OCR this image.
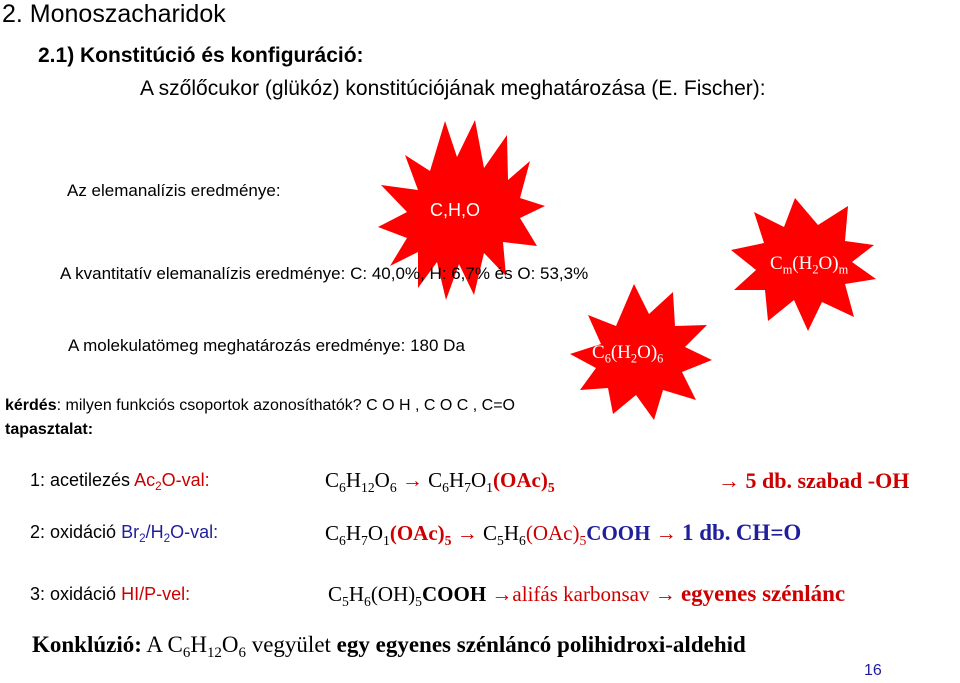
C,H,O
$C_m(H_2O)_m$
$C_6(H_2O)_6$
2. Monoszacharidok
2.1) Konstitúció és konfiguráció:
A szőlőcukor (glükóz) konstitúciójának meghatározása (E. Fischer):
Az elemanalízis eredménye:
A kvantitatív elemanalízis eredménye: C: 40,0%, H: 6,7% és O: 53,3%
A molekulatömeg meghatározás eredménye: 180 Da
kérdés: milyen funkciós csoportok azonosíthatók? C O H , C O C , C=O
tapasztalat:
1: acetilezés $Ac_2O$-val:	$C_6H_{12}O_6 \to C_6H_7O_1(OAc)_5$	→ 5 db. szabad -OH
2: oxidáció $Br_2/H_2O$-val:	$C_6H_7O_1(OAc)_5$ → $C_5H_6(OAc)_5COOH \to 1$ db. CH=O
3: oxidáció HI/P-vel:	$C_5H_6(OH)_5COOH$ →alifás karbonsav → egyenes szénlánc
Konklúzió: A $C_6H_{12}O_6$ vegyület egy egyenes szénláncó polihidroxi-aldehid
16
